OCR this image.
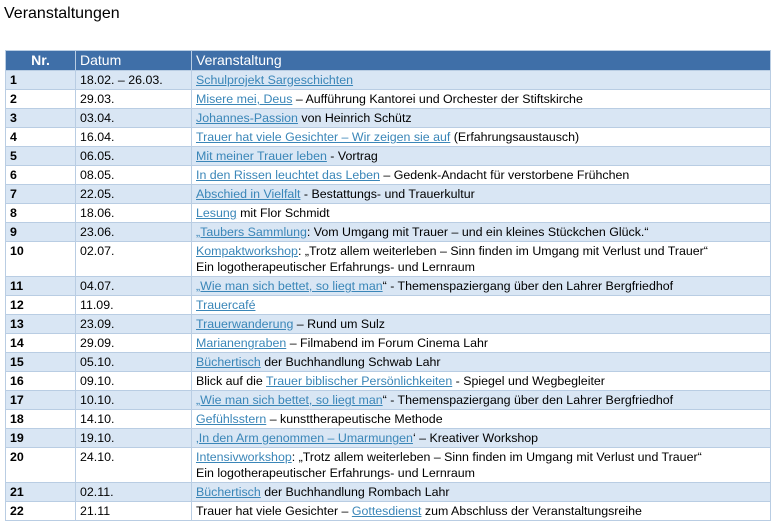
Veranstaltungen
Nr.	Datum	Veranstaltung
1	18.02. – 26.03.	Schulprojekt Sargeschichten
2	29.03.	Misere mei, Deus – Aufführung Kantorei und Orchester der Stiftskirche
3	03.04.	Johannes-Passion von Heinrich Schütz
4	16.04.	Trauer hat viele Gesichter – Wir zeigen sie auf (Erfahrungsaustausch)
5	06.05.	Mit meiner Trauer leben - Vortrag
6	08.05.	In den Rissen leuchtet das Leben – Gedenk-Andacht für verstorbene Frühchen
7	22.05.	Abschied in Vielfalt - Bestattungs- und Trauerkultur
8	18.06.	Lesung mit Flor Schmidt
9	23.06.	„Taubers Sammlung: Vom Umgang mit Trauer – und ein kleines Stückchen Glück.“
10	02.07.	Kompaktworkshop: „Trotz allem weiterleben – Sinn finden im Umgang mit Verlust und Trauer“
Ein logotherapeutischer Erfahrungs- und Lernraum

11	04.07.	„Wie man sich bettet, so liegt man“ - Themenspaziergang über den Lahrer Bergfriedhof
12	11.09.	Trauercafé
13	23.09.	Trauerwanderung – Rund um Sulz
14	29.09.	Marianengraben – Filmabend im Forum Cinema Lahr
15	05.10.	Büchertisch der Buchhandlung Schwab Lahr
16	09.10.	Blick auf die Trauer biblischer Persönlichkeiten - Spiegel und Wegbegleiter
17	10.10.	„Wie man sich bettet, so liegt man“ - Themenspaziergang über den Lahrer Bergfriedhof
18	14.10.	Gefühlsstern – kunsttherapeutische Methode
19	19.10.	‚In den Arm genommen – Umarmungen‘ – Kreativer Workshop
20	24.10.	Intensivworkshop: „Trotz allem weiterleben – Sinn finden im Umgang mit Verlust und Trauer“
Ein logotherapeutischer Erfahrungs- und Lernraum

21	02.11.	Büchertisch der Buchhandlung Rombach Lahr
22	21.11	Trauer hat viele Gesichter – Gottesdienst zum Abschluss der Veranstaltungsreihe
